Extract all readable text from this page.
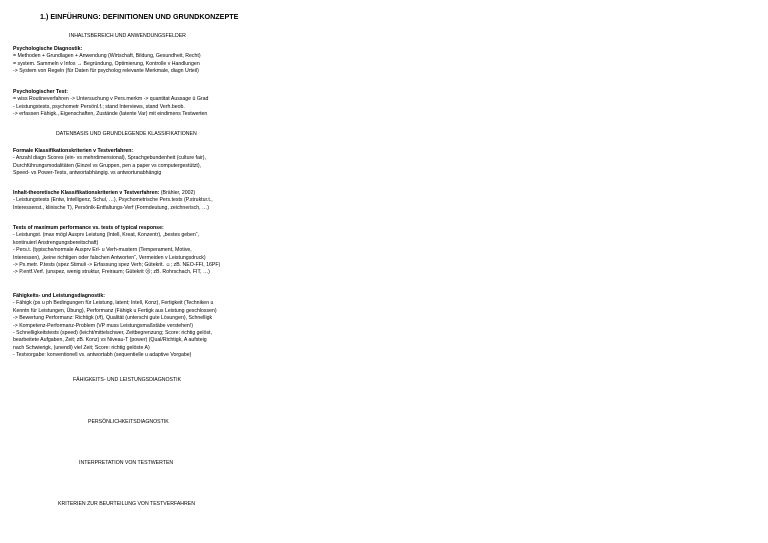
1.) EINFÜHRUNG: DEFINITIONEN UND GRUNDKONZEPTE
INHALTSBEREICH UND ANWENDUNGSFELDER

Psychologische Diagnostik:

= Methoden + Grundlagen + Anwendung (Wirtschaft, Bildung, Gesundheit, Recht)

= system. Sammeln v Infos → Begründung, Optimierung, Kontrolle v Handlungen

-> System von Regeln (für Daten für psycholog relevante Merkmale, diagn Urteil)

Psychologischer Test:

= wiss Routineverfahren -> Untersuchung v Pers.merkm -> quantitat Aussage ü Grad

- Leistungstests, psychometr Persönl.f.; stand Interviews, stand Verh.beob.

-> erfassen Fähigk., Eigenschaften, Zustände (latente Var) mit eindimens Testwerten

DATENBASIS UND GRUNDLEGENDE KLASSIFIKATIONEN

Formale Klassifikationskriterien v Testverfahren:

- Anzahl diagn Scores (ein- vs mehrdimensional), Sprachgebundenheit (culture fair),

Durchführungsmodalitäten (Einzel vs Gruppen, pen a paper vs computergestützt),

Speed- vs Power-Tests, antwortabhängig. vs antwortunabhängig

Inhalt-theoretische Klassifikationskriterien v Testverfahren: (Brähler, 2002)

- Leistungstests (Entw, Intelligenz, Schul, …), Psychometrische Pers.tests (P.struktur.t.,

Interessenst., klinische T), Persönlk-Entfaltungs-Verf (Formdeutung, zeichnerisch, …)

Tests of maximum performance vs. tests of typical response:

- Leistungst. (max mögl Ausprv Leistung (Intell, Kreat, Konzentr), „bestes geben“,

kontinuierl Anstrengungsbereitschaft)

- Pers.t. (typische/normale Ausprv Erl- u Verh-mustern (Temperament, Motive,

Interessen), „keine richtigen oder falschen Antworten“, Vermeiden v Leistungsdruck)

-> Ps.metr. P.tests (spez Stimuli -> Erfassung spez Verh; Gütekrit. ☺; zB. NEO-FFI, 16PF)

-> P.entf.Verf. (unspez, wenig struktur, Freiraum; Gütekrit ☹; zB. Rohrschach, FIT, …)

Fähigkeits- und Leistungsdiagnostik:

- Fähigk (ps u ph Bedingungen für Leistung, latent; Intell, Konz), Fertigkeit (Techniken u

Kenntn für Leistungen, Übung), Performanz (Fähigk u Fertigk aus Leistung geschlossen)

-> Bewertung Performanz: Richtigk (r/f), Qualität (unterschi gute Lösungen), Schnelligk

-> Kompetenz-Performanz-Problem (VP muss Leistungsmaßstäbe verstehen!)

- Schnelligkeitstests (speed) (leicht/mittelschwer, Zeitbegrenzung; Score: richtig gelöst,

bearbeitete Aufgaben, Zeit; zB. Konz) vs Niveau-T (power) (Qual/Richtigk, A aufsteig

nach Schwierigk, (unendl) viel Zeit; Score: richtig gelöste A)

- Testvorgabe: konventionell vs. antwortabh (sequentielle u adaptive Vorgabe)

FÄHIGKEITS- UND LEISTUNGSDIAGNOSTIK
PERSÖNLICHKEITSDIAGNOSTIK
INTERPRETATION VON TESTWERTEN
KRITERIEN ZUR BEURTEILUNG VON TESTVERFAHREN
